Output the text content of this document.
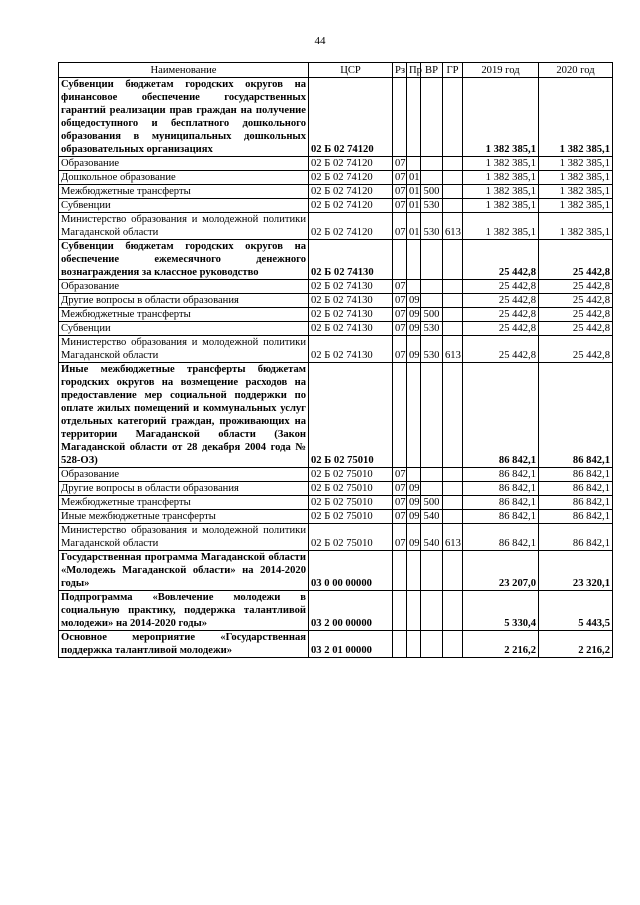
44
Наименование	ЦСР	Рз	Пр	ВР	ГР	2019 год	2020 год
Субвенции бюджетам городских округов на финансовое обеспечение государственных гарантий реализации прав граждан на получение общедоступного и бесплатного дошкольного образования в муниципальных дошкольных образовательных организациях	02 Б 02 74120					1 382 385,1	1 382 385,1
Образование	02 Б 02 74120	07				1 382 385,1	1 382 385,1
Дошкольное образование	02 Б 02 74120	07	01			1 382 385,1	1 382 385,1
Межбюджетные трансферты	02 Б 02 74120	07	01	500		1 382 385,1	1 382 385,1
Субвенции	02 Б 02 74120	07	01	530		1 382 385,1	1 382 385,1
Министерство образования и молодежной политики Магаданской области	02 Б 02 74120	07	01	530	613	1 382 385,1	1 382 385,1
Субвенции бюджетам городских округов на обеспечение ежемесячного денежного вознаграждения за классное руководство	02 Б 02 74130					25 442,8	25 442,8
Образование	02 Б 02 74130	07				25 442,8	25 442,8
Другие вопросы в области образования	02 Б 02 74130	07	09			25 442,8	25 442,8
Межбюджетные трансферты	02 Б 02 74130	07	09	500		25 442,8	25 442,8
Субвенции	02 Б 02 74130	07	09	530		25 442,8	25 442,8
Министерство образования и молодежной политики Магаданской области	02 Б 02 74130	07	09	530	613	25 442,8	25 442,8
Иные межбюджетные трансферты бюджетам городских округов на возмещение расходов на предоставление мер социальной поддержки по оплате жилых помещений и коммунальных услуг отдельных категорий граждан, проживающих на территории Магаданской области (Закон Магаданской области от 28 декабря 2004 года № 528-ОЗ)	02 Б 02 75010					86 842,1	86 842,1
Образование	02 Б 02 75010	07				86 842,1	86 842,1
Другие вопросы в области образования	02 Б 02 75010	07	09			86 842,1	86 842,1
Межбюджетные трансферты	02 Б 02 75010	07	09	500		86 842,1	86 842,1
Иные межбюджетные трансферты	02 Б 02 75010	07	09	540		86 842,1	86 842,1
Министерство образования и молодежной политики Магаданской области	02 Б 02 75010	07	09	540	613	86 842,1	86 842,1
Государственная программа Магаданской области «Молодежь Магаданской области» на 2014-2020 годы»	03 0 00 00000					23 207,0	23 320,1
Подпрограмма «Вовлечение молодежи в социальную практику, поддержка талантливой молодежи» на 2014-2020 годы»	03 2 00 00000					5 330,4	5 443,5
Основное мероприятие «Государственная поддержка талантливой молодежи»	03 2 01 00000					2 216,2	2 216,2
